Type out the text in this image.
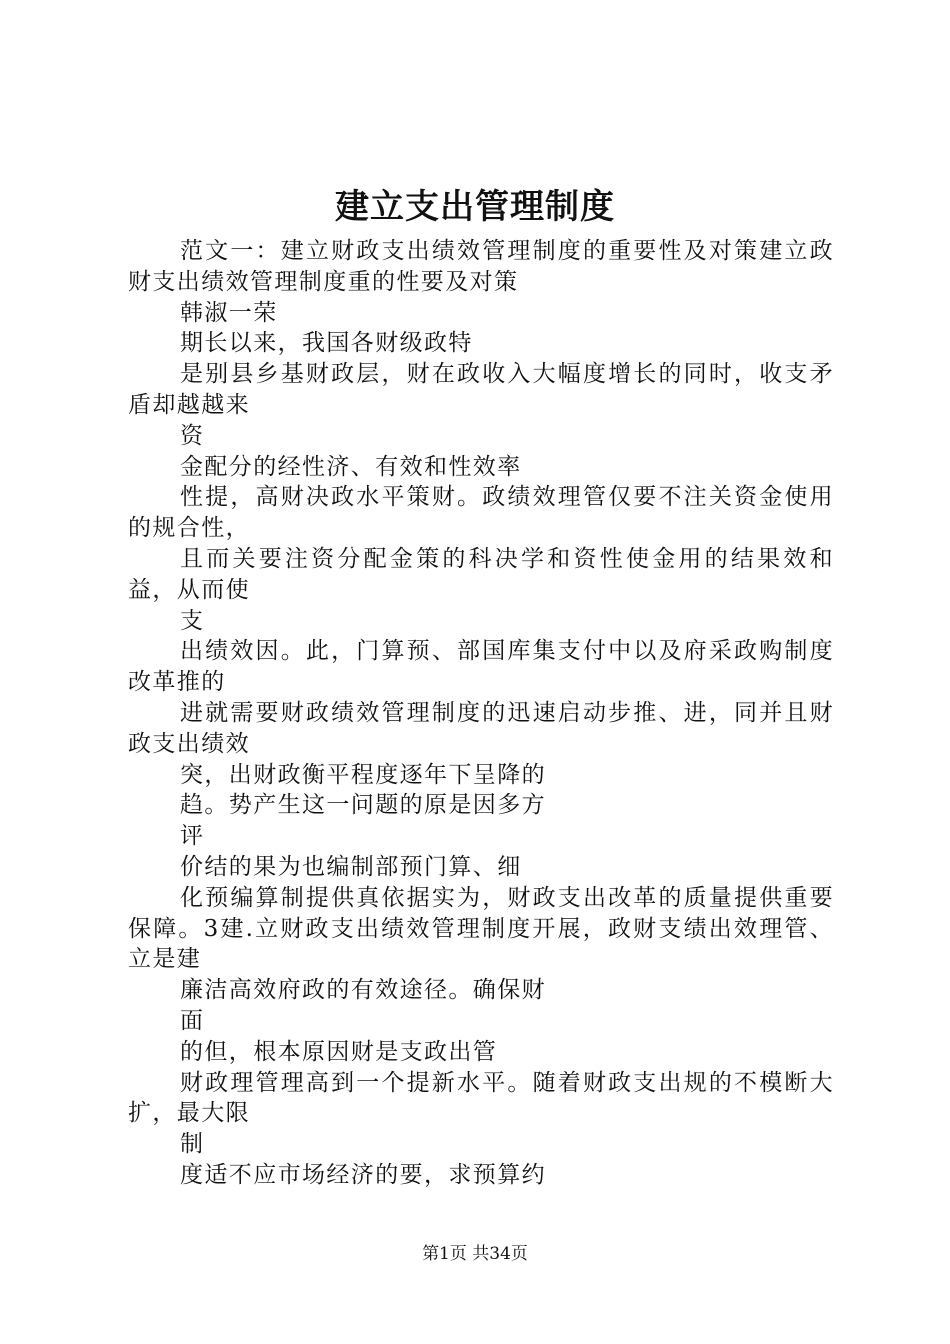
建立支出管理制度

范文一：建立财政支出绩效管理制度的重要性及对策建立政财支出绩效管理制度重的性要及对策

韩淑一荣

期长以来，我国各财级政特

是别县乡基财政层，财在政收入大幅度增长的同时，收支矛盾却越越来

资

金配分的经性济、有效和性效率

性提，高财决政水平策财。政绩效理管仅要不注关资金使用的规合性，

且而关要注资分配金策的科决学和资性使金用的结果效和益，从而使

支

出绩效因。此，门算预、部国库集支付中以及府采政购制度改革推的

进就需要财政绩效管理制度的迅速启动步推、进，同并且财政支出绩效

突，出财政衡平程度逐年下呈降的

趋。势产生这一问题的原是因多方

评

价结的果为也编制部预门算、细

化预编算制提供真依据实为，财政支出改革的质量提供重要保障。3建.立财政支出绩效管理制度开展，政财支绩出效理管、立是建

廉洁高效府政的有效途径。确保财

面

的但，根本原因财是支政出管

财政理管理高到一个提新水平。随着财政支出规的不模断大扩，最大限

制

度适不应市场经济的要，求预算约

第1页 共34页
